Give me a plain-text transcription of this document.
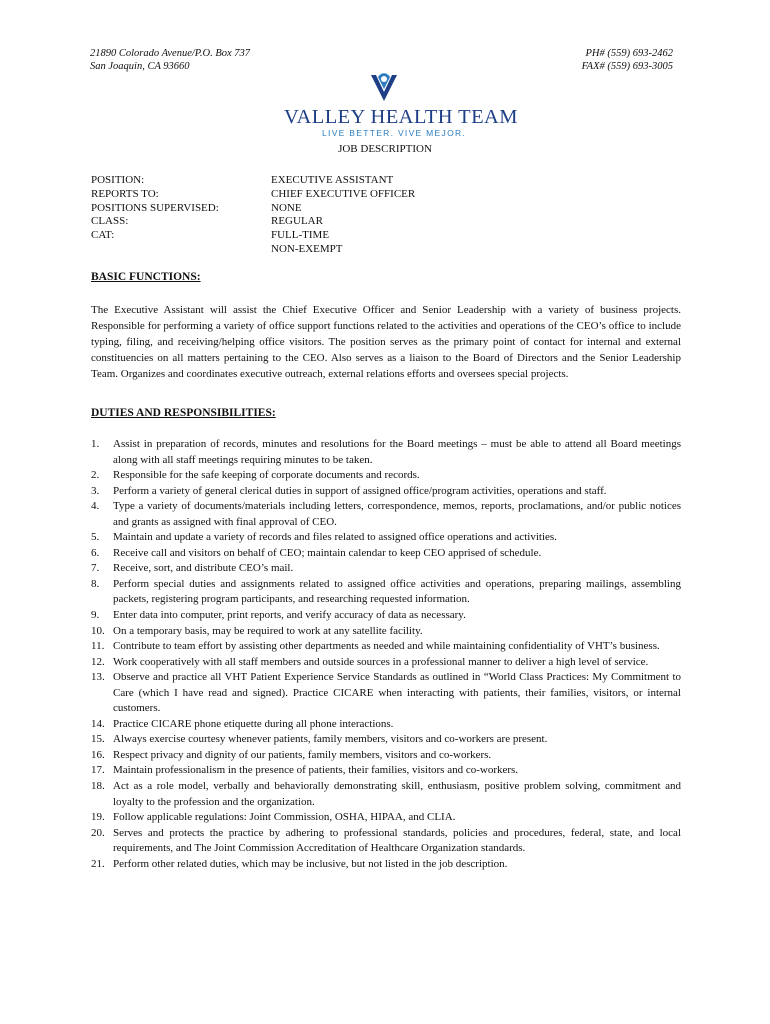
21890 Colorado Avenue/P.O. Box 737
San Joaquin, CA 93660
PH# (559) 693-2462
FAX# (559) 693-3005
VALLEY HEALTH TEAM
LIVE BETTER. VIVE MEJOR.
JOB DESCRIPTION
POSITION:
REPORTS TO:
POSITIONS SUPERVISED:
CLASS:
CAT:
EXECUTIVE ASSISTANT
CHIEF EXECUTIVE OFFICER
NONE
REGULAR
FULL-TIME
NON-EXEMPT
BASIC FUNCTIONS:
The Executive Assistant will assist the Chief Executive Officer and Senior Leadership with a variety of business projects. Responsible for performing a variety of office support functions related to the activities and operations of the CEO’s office to include typing, filing, and receiving/helping office visitors. The position serves as the primary point of contact for internal and external constituencies on all matters pertaining to the CEO. Also serves as a liaison to the Board of Directors and the Senior Leadership Team. Organizes and coordinates executive outreach, external relations efforts and oversees special projects.
DUTIES AND RESPONSIBILITIES:
1. Assist in preparation of records, minutes and resolutions for the Board meetings – must be able to attend all Board meetings along with all staff meetings requiring minutes to be taken.
2. Responsible for the safe keeping of corporate documents and records.
3. Perform a variety of general clerical duties in support of assigned office/program activities, operations and staff.
4. Type a variety of documents/materials including letters, correspondence, memos, reports, proclamations, and/or public notices and grants as assigned with final approval of CEO.
5. Maintain and update a variety of records and files related to assigned office operations and activities.
6. Receive call and visitors on behalf of CEO; maintain calendar to keep CEO apprised of schedule.
7. Receive, sort, and distribute CEO’s mail.
8. Perform special duties and assignments related to assigned office activities and operations, preparing mailings, assembling packets, registering program participants, and researching requested information.
9. Enter data into computer, print reports, and verify accuracy of data as necessary.
10. On a temporary basis, may be required to work at any satellite facility.
11. Contribute to team effort by assisting other departments as needed and while maintaining confidentiality of VHT’s business.
12. Work cooperatively with all staff members and outside sources in a professional manner to deliver a high level of service.
13. Observe and practice all VHT Patient Experience Service Standards as outlined in “World Class Practices: My Commitment to Care (which I have read and signed). Practice CICARE when interacting with patients, their families, visitors, or internal customers.
14. Practice CICARE phone etiquette during all phone interactions.
15. Always exercise courtesy whenever patients, family members, visitors and co-workers are present.
16. Respect privacy and dignity of our patients, family members, visitors and co-workers.
17. Maintain professionalism in the presence of patients, their families, visitors and co-workers.
18. Act as a role model, verbally and behaviorally demonstrating skill, enthusiasm, positive problem solving, commitment and loyalty to the profession and the organization.
19. Follow applicable regulations: Joint Commission, OSHA, HIPAA, and CLIA.
20. Serves and protects the practice by adhering to professional standards, policies and procedures, federal, state, and local requirements, and The Joint Commission Accreditation of Healthcare Organization standards.
21. Perform other related duties, which may be inclusive, but not listed in the job description.
